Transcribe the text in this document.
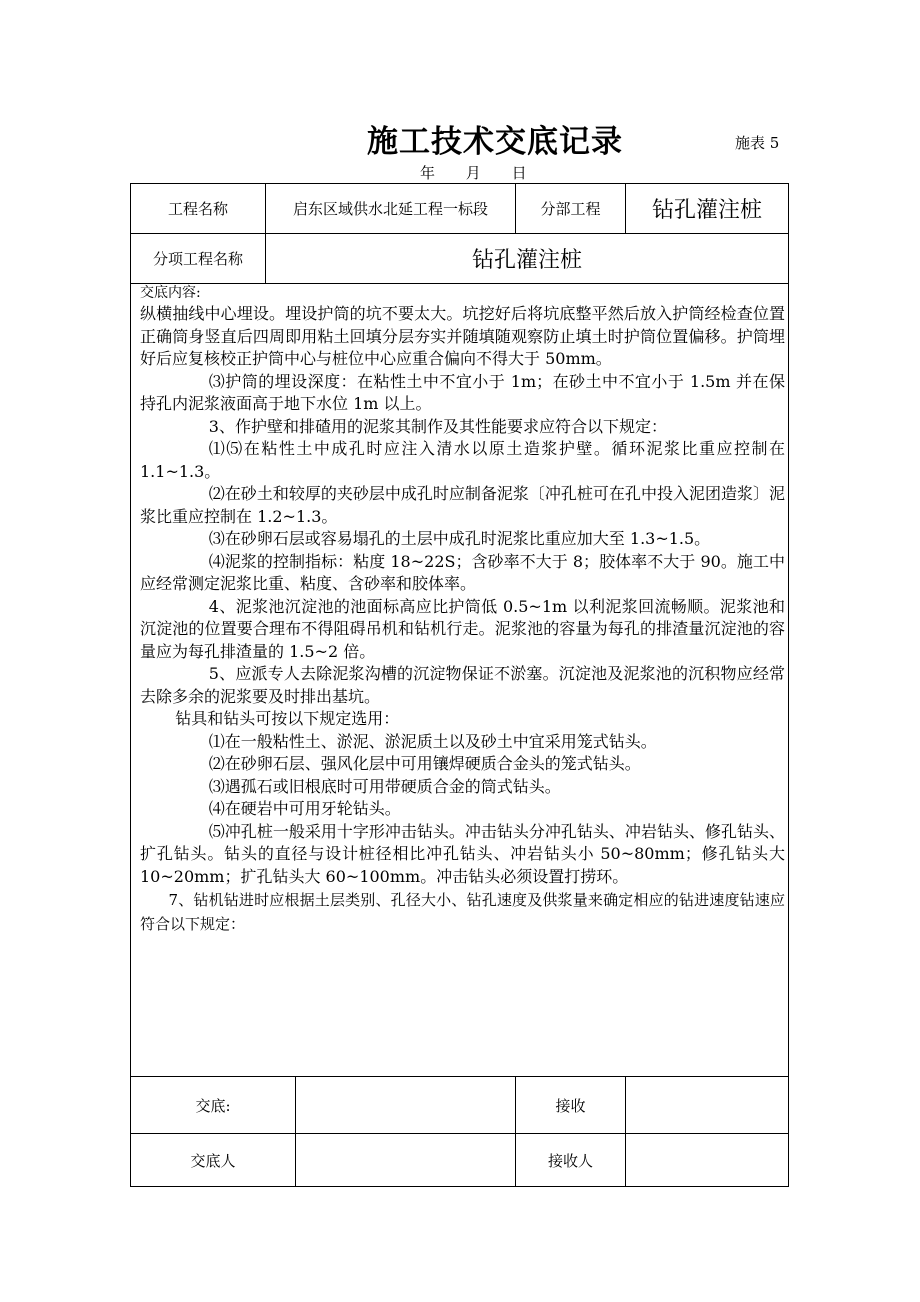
施工技术交底记录	施表 5
年 月 日
工程名称	启东区域供水北延工程一标段	分部工程	钻孔灌注桩
分项工程名称	钻孔灌注桩

交底内容:

纵横抽线中心埋设。埋设护筒的坑不要太大。坑挖好后将坑底整平然后放入护筒经检查位置正确筒身竖直后四周即用粘土回填分层夯实并随填随观察防止填土时护筒位置偏移。护筒埋好后应复核校正护筒中心与桩位中心应重合偏向不得大于 50mm。

⑶护筒的埋设深度：在粘性土中不宜小于 1m；在砂土中不宜小于 1.5m 并在保持孔内泥浆液面高于地下水位 1m 以上。

3、作护壁和排碴用的泥浆其制作及其性能要求应符合以下规定：

⑴⑸在粘性土中成孔时应注入清水以原土造浆护壁。循环泥浆比重应控制在 1.1~1.3。

⑵在砂土和较厚的夹砂层中成孔时应制备泥浆〔冲孔桩可在孔中投入泥团造浆〕泥浆比重应控制在 1.2~1.3。

⑶在砂卵石层或容易塌孔的土层中成孔时泥浆比重应加大至 1.3~1.5。

⑷泥浆的控制指标：粘度 18~22S；含砂率不大于 8；胶体率不大于 90。施工中应经常测定泥浆比重、粘度、含砂率和胶体率。

4、泥浆池沉淀池的池面标高应比护筒低 0.5~1m 以利泥浆回流畅顺。泥浆池和沉淀池的位置要合理布不得阻碍吊机和钻机行走。泥浆池的容量为每孔的排渣量沉淀池的容量应为每孔排渣量的 1.5~2 倍。

5、应派专人去除泥浆沟槽的沉淀物保证不淤塞。沉淀池及泥浆池的沉积物应经常去除多余的泥浆要及时排出基坑。

钻具和钻头可按以下规定选用：

⑴在一般粘性土、淤泥、淤泥质土以及砂土中宜采用笼式钻头。

⑵在砂卵石层、强风化层中可用镶焊硬质合金头的笼式钻头。

⑶遇孤石或旧根底时可用带硬质合金的筒式钻头。

⑷在硬岩中可用牙轮钻头。

⑸冲孔桩一般采用十字形冲击钻头。冲击钻头分冲孔钻头、冲岩钻头、修孔钻头、扩孔钻头。钻头的直径与设计桩径相比冲孔钻头、冲岩钻头小 50~80mm；修孔钻头大 10~20mm；扩孔钻头大 60~100mm。冲击钻头必须设置打捞环。

7、钻机钻进时应根据土层类别、孔径大小、钻孔速度及供浆量来确定相应的钻进速度钻速应符合以下规定：

交底:	接收
交底人	接收人
